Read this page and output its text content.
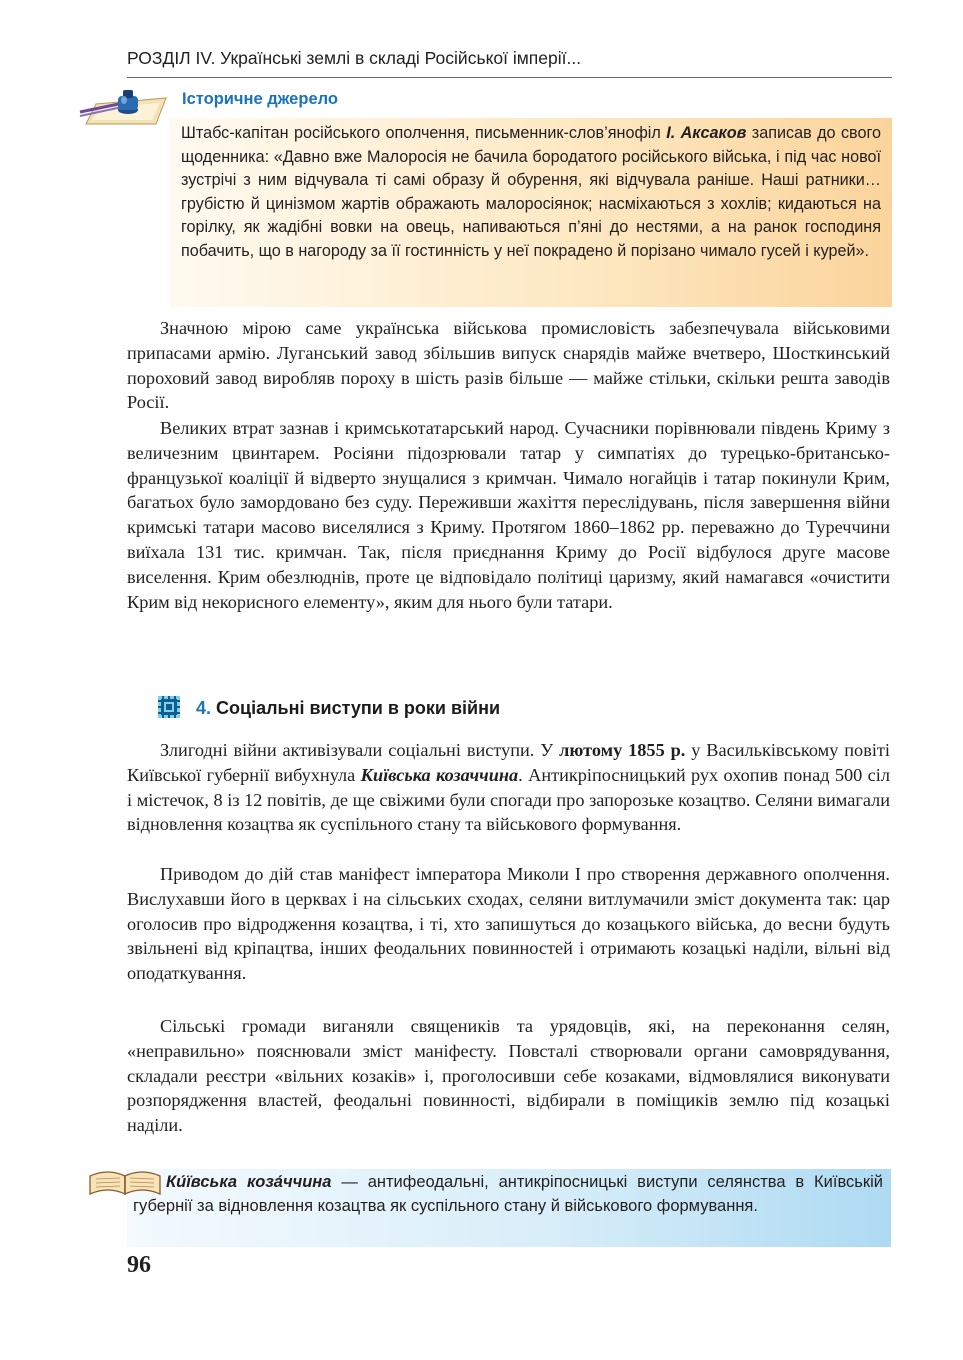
РОЗДІЛ IV. Українські землі в складі Російської імперії...
Історичне джерело
Штабс-капітан російського ополчення, письменник-слов’янофіл І. Аксаков записав до свого щоденника: «Давно вже Малоросія не бачила бородатого російського війська, і під час нової зустрічі з ним відчувала ті самі образу й обурення, які відчувала раніше. Наші ратники… грубістю й цинізмом жартів ображають малоросіянок; насміхаються з хохлів; кидаються на горілку, як жадібні вовки на овець, напиваються п’яні до нестями, а на ранок господиня побачить, що в нагороду за її гостинність у неї покрадено й порізано чимало гусей і курей».
Значною мірою саме українська військова промисловість забезпечувала військовими припасами армію. Луганський завод збільшив випуск снарядів майже вчетверо, Шосткинський пороховий завод виробляв пороху в шість разів більше — майже стільки, скільки решта заводів Росії.
Великих втрат зазнав і кримськотатарський народ. Сучасники порівнювали південь Криму з величезним цвинтарем. Росіяни підозрювали татар у симпатіях до турецько-британсько-французької коаліції й відверто знущалися з кримчан. Чимало ногайців і татар покинули Крим, багатьох було замордовано без суду. Переживши жахіття переслідувань, після завершення війни кримські татари масово виселялися з Криму. Протягом 1860–1862 рр. переважно до Туреччини виїхала 131 тис. кримчан. Так, після приєднання Криму до Росії відбулося друге масове виселення. Крим обезлюднів, проте це відповідало політиці царизму, який намагався «очистити Крим від некорисного елементу», яким для нього були татари.
4. Соціальні виступи в роки війни
Злигодні війни активізували соціальні виступи. У лютому 1855 р. у Васильківському повіті Київської губернії вибухнула Київська козаччина. Антикріпосницький рух охопив понад 500 сіл і містечок, 8 із 12 повітів, де ще свіжими були спогади про запорозьке козацтво. Селяни вимагали відновлення козацтва як суспільного стану та військового формування.
Приводом до дій став маніфест імператора Миколи І про створення державного ополчення. Вислухавши його в церквах і на сільських сходах, селяни витлумачили зміст документа так: цар оголосив про відродження козацтва, і ті, хто запишуться до козацького війська, до весни будуть звільнені від кріпацтва, інших феодальних повинностей і отримають козацькі наділи, вільні від оподаткування.
Сільські громади виганяли священиків та урядовців, які, на переконання селян, «неправильно» пояснювали зміст маніфесту. Повсталі створювали органи самоврядування, складали реєстри «вільних козаків» і, проголосивши себе козаками, відмовлялися виконувати розпорядження властей, феодальні повинності, відбирали в поміщиків землю під козацькі наділи.
Ки́ївська коза́ччина — антифеодальні, антикріпосницькі виступи селянства в Київській губернії за відновлення козацтва як суспільного стану й військового формування.
96
